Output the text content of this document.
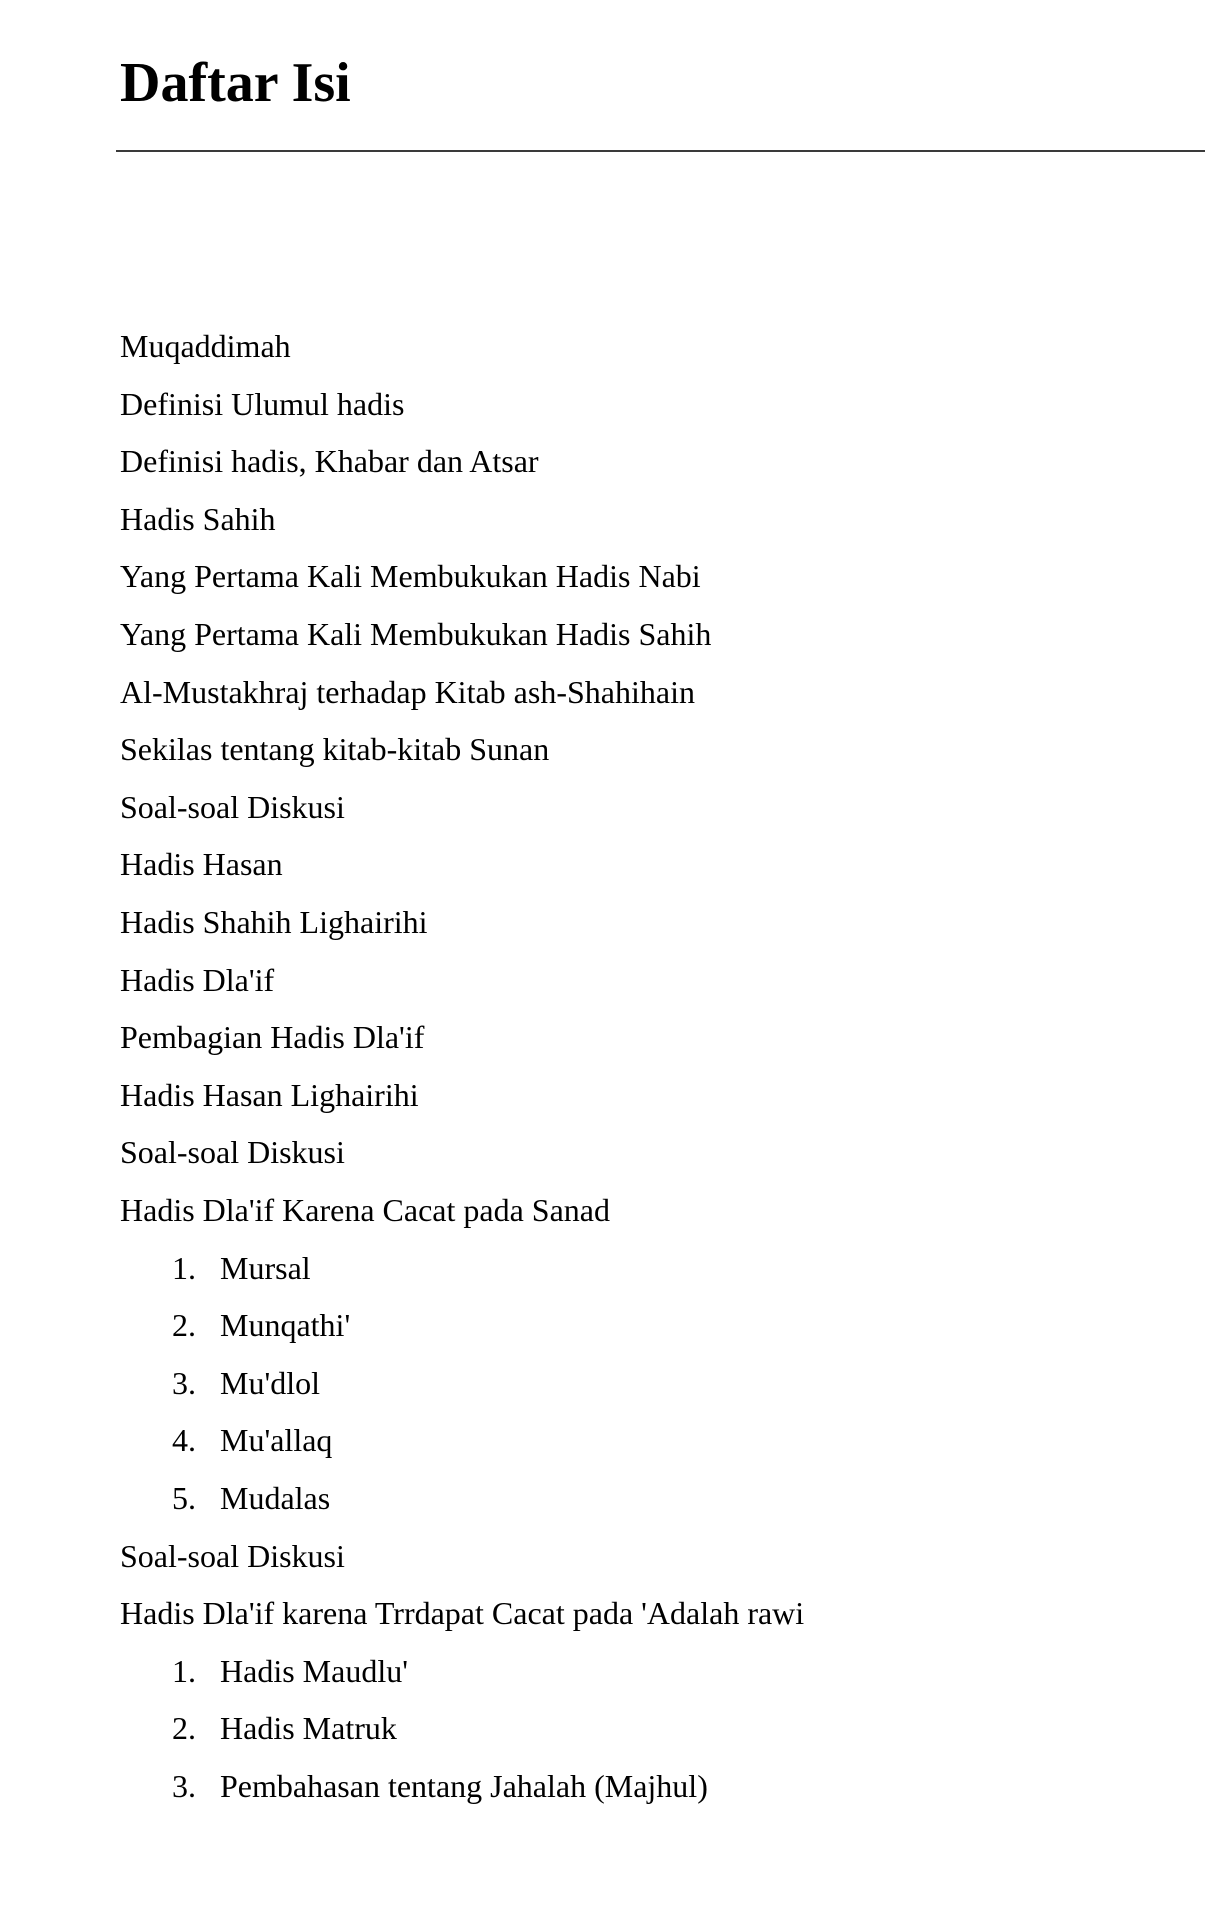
Daftar Isi
Muqaddimah
Definisi Ulumul hadis
Definisi hadis, Khabar dan Atsar
Hadis Sahih
Yang Pertama Kali Membukukan Hadis Nabi
Yang Pertama Kali Membukukan Hadis Sahih
Al-Mustakhraj terhadap Kitab ash-Shahihain
Sekilas tentang kitab-kitab Sunan
Soal-soal Diskusi
Hadis Hasan
Hadis Shahih Lighairihi
Hadis Dla'if
Pembagian Hadis Dla'if
Hadis Hasan Lighairihi
Soal-soal Diskusi
Hadis Dla'if Karena Cacat pada Sanad
1. Mursal
2. Munqathi'
3. Mu'dlol
4. Mu'allaq
5. Mudalas
Soal-soal Diskusi
Hadis Dla'if karena Trrdapat Cacat pada 'Adalah rawi
1. Hadis Maudlu'
2. Hadis Matruk
3. Pembahasan tentang Jahalah (Majhul)
